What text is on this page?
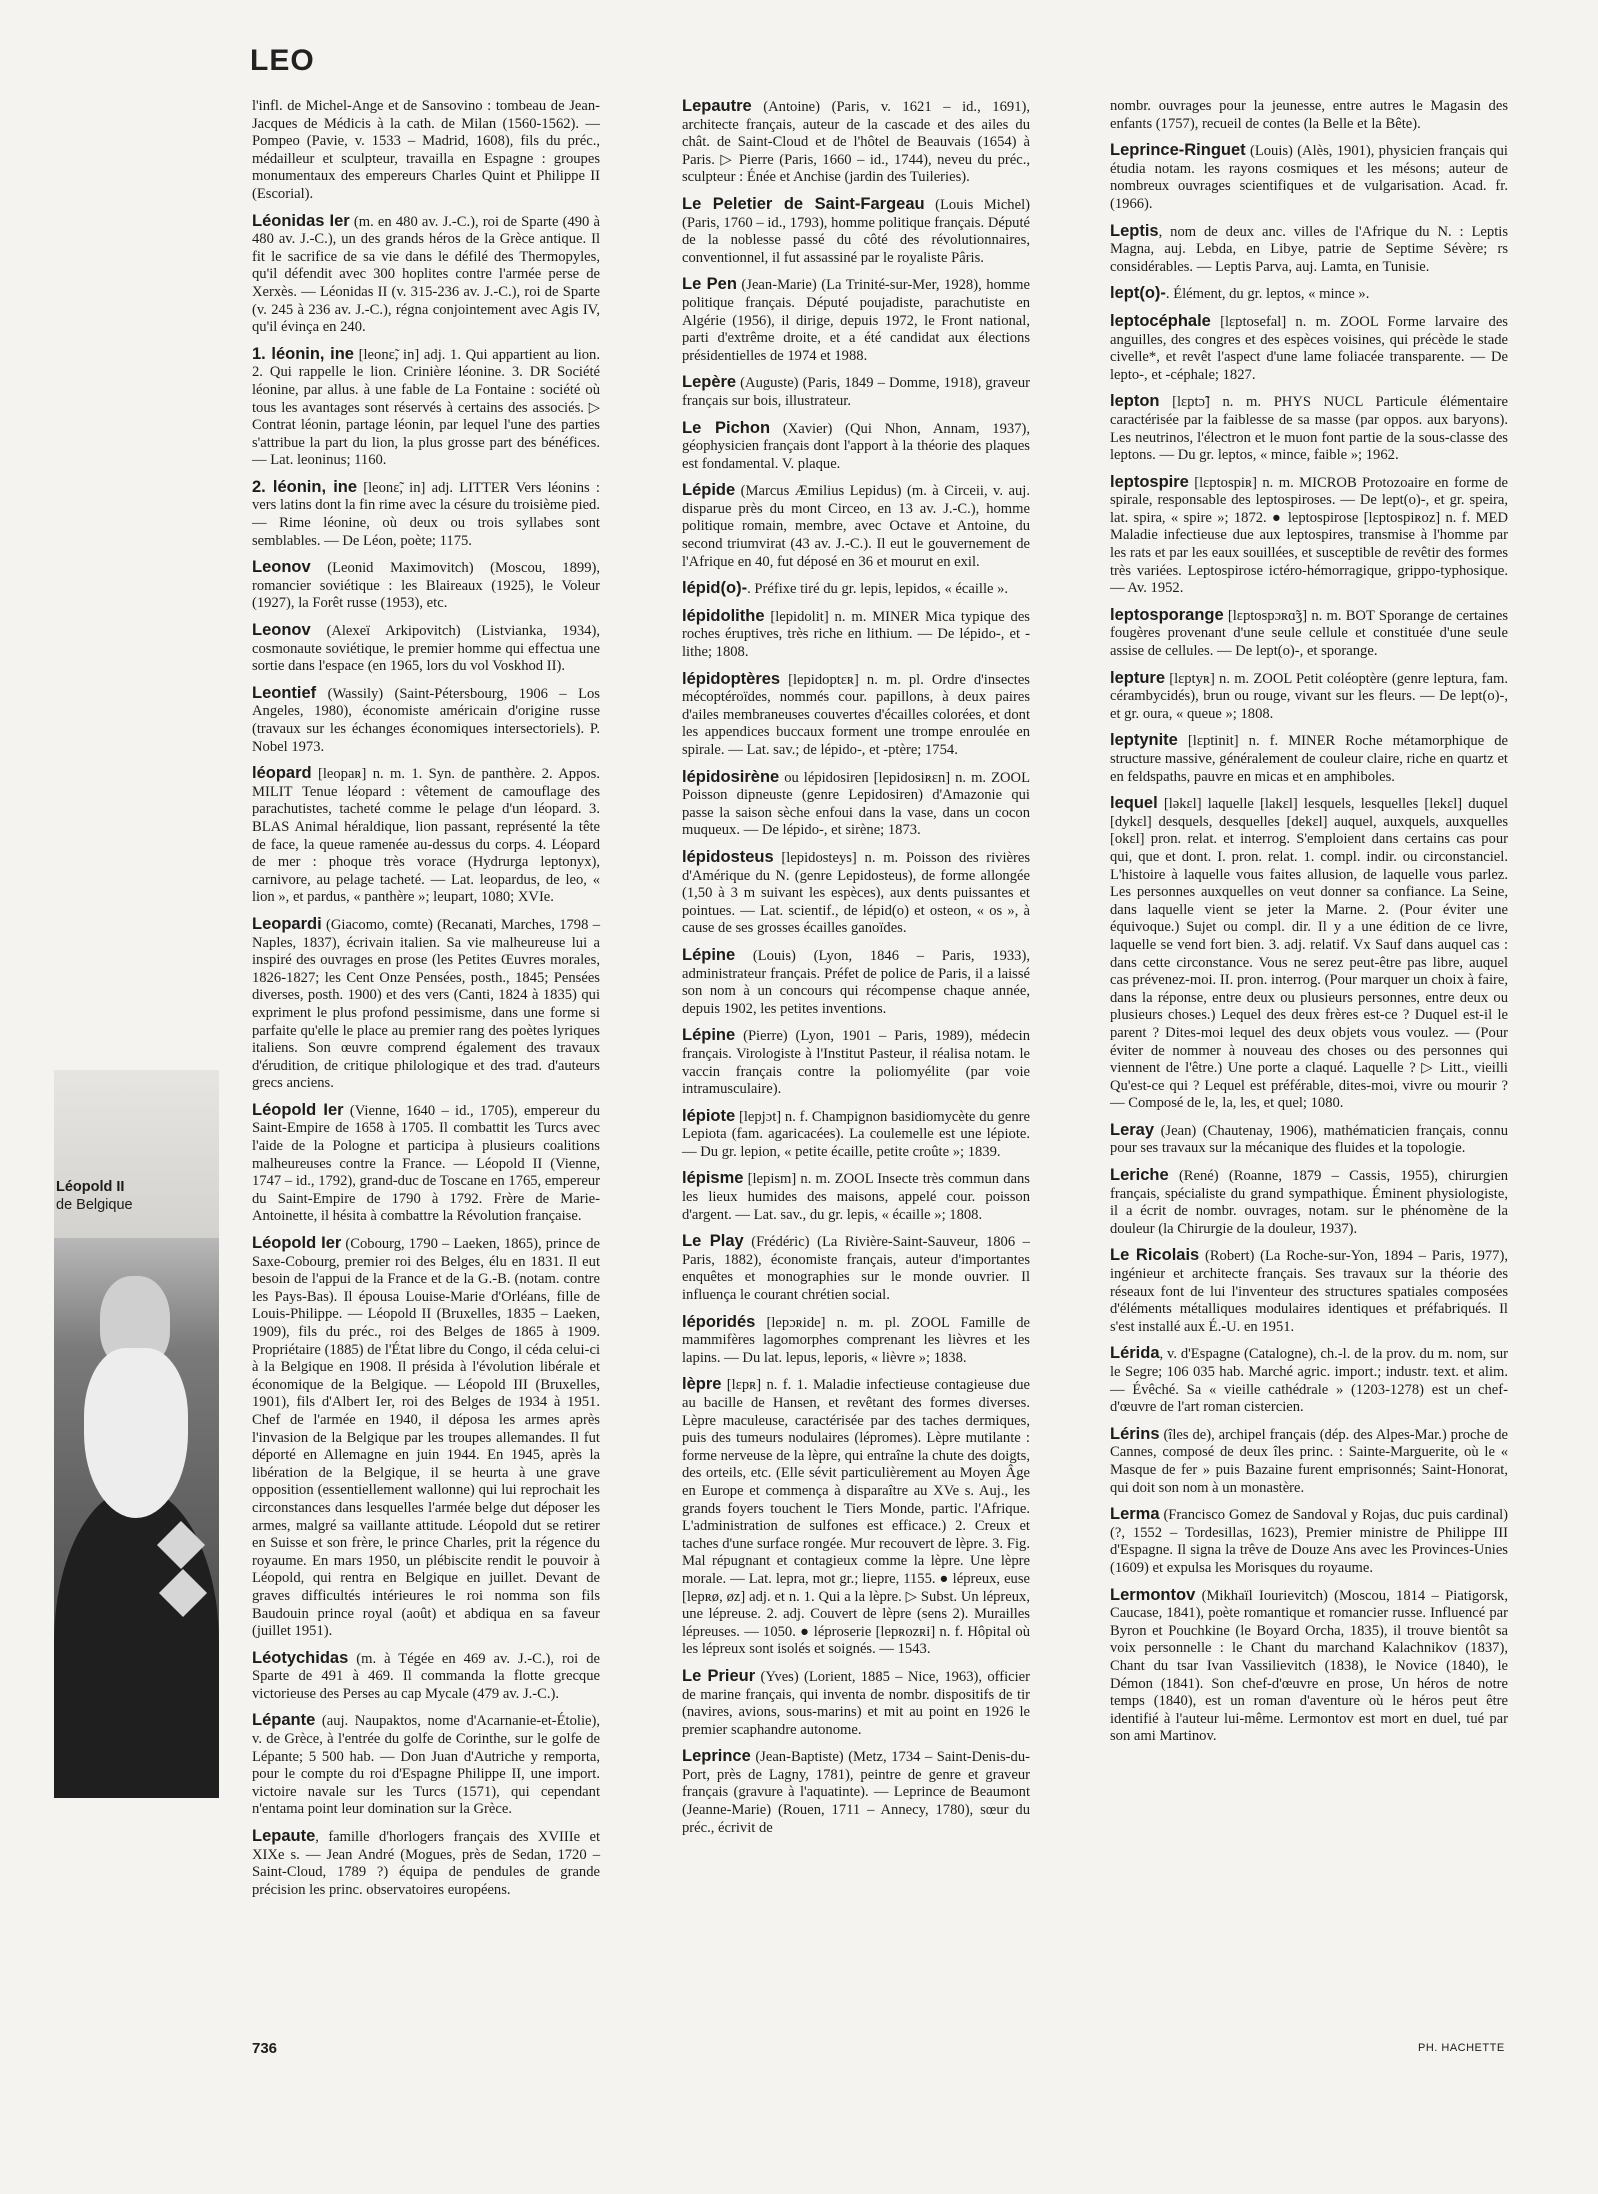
LEO

l'infl. de Michel-Ange et de Sansovino : tombeau de Jean-Jacques de Médicis à la cath. de Milan (1560-1562). — Pompeo (Pavie, v. 1533 – Madrid, 1608), fils du préc., médailleur et sculpteur, travailla en Espagne : groupes monumentaux des empereurs Charles Quint et Philippe II (Escorial).

Léonidas Ier (m. en 480 av. J.-C.), roi de Sparte (490 à 480 av. J.-C.), un des grands héros de la Grèce antique. Il fit le sacrifice de sa vie dans le défilé des Thermopyles, qu'il défendit avec 300 hoplites contre l'armée perse de Xerxès. — Léonidas II (v. 315-236 av. J.-C.), roi de Sparte (v. 245 à 236 av. J.-C.), régna conjointement avec Agis IV, qu'il évinça en 240.

1. léonin, ine [leonɛ̃, in] adj. 1. Qui appartient au lion. 2. Qui rappelle le lion. Crinière léonine. 3. DR Société léonine, par allus. à une fable de La Fontaine : société où tous les avantages sont réservés à certains des associés. ▷ Contrat léonin, partage léonin, par lequel l'une des parties s'attribue la part du lion, la plus grosse part des bénéfices. — Lat. leoninus; 1160.

2. léonin, ine [leonɛ̃, in] adj. LITTER Vers léonins : vers latins dont la fin rime avec la césure du troisième pied. — Rime léonine, où deux ou trois syllabes sont semblables. — De Léon, poète; 1175.

Leonov (Leonid Maximovitch) (Moscou, 1899), romancier soviétique : les Blaireaux (1925), le Voleur (1927), la Forêt russe (1953), etc.

Leonov (Alexeï Arkipovitch) (Listvianka, 1934), cosmonaute soviétique, le premier homme qui effectua une sortie dans l'espace (en 1965, lors du vol Voskhod II).

Leontief (Wassily) (Saint-Pétersbourg, 1906 – Los Angeles, 1980), économiste américain d'origine russe (travaux sur les échanges économiques intersectoriels). P. Nobel 1973.

léopard [leopaʀ] n. m. 1. Syn. de panthère. 2. Appos. MILIT Tenue léopard : vêtement de camouflage des parachutistes, tacheté comme le pelage d'un léopard. 3. BLAS Animal héraldique, lion passant, représenté la tête de face, la queue ramenée au-dessus du corps. 4. Léopard de mer : phoque très vorace (Hydrurga leptonyx), carnivore, au pelage tacheté. — Lat. leopardus, de leo, « lion », et pardus, « panthère »; leupart, 1080; XVIe.

Leopardi (Giacomo, comte) (Recanati, Marches, 1798 – Naples, 1837), écrivain italien. Sa vie malheureuse lui a inspiré des ouvrages en prose (les Petites Œuvres morales, 1826-1827; les Cent Onze Pensées, posth., 1845; Pensées diverses, posth. 1900) et des vers (Canti, 1824 à 1835) qui expriment le plus profond pessimisme, dans une forme si parfaite qu'elle le place au premier rang des poètes lyriques italiens. Son œuvre comprend également des travaux d'érudition, de critique philologique et des trad. d'auteurs grecs anciens.

Léopold Ier (Vienne, 1640 – id., 1705), empereur du Saint-Empire de 1658 à 1705. Il combattit les Turcs avec l'aide de la Pologne et participa à plusieurs coalitions malheureuses contre la France. — Léopold II (Vienne, 1747 – id., 1792), grand-duc de Toscane en 1765, empereur du Saint-Empire de 1790 à 1792. Frère de Marie-Antoinette, il hésita à combattre la Révolution française.

Léopold Ier (Cobourg, 1790 – Laeken, 1865), prince de Saxe-Cobourg, premier roi des Belges, élu en 1831. Il eut besoin de l'appui de la France et de la G.-B. (notam. contre les Pays-Bas). Il épousa Louise-Marie d'Orléans, fille de Louis-Philippe. — Léopold II (Bruxelles, 1835 – Laeken, 1909), fils du préc., roi des Belges de 1865 à 1909. Propriétaire (1885) de l'État libre du Congo, il céda celui-ci à la Belgique en 1908. Il présida à l'évolution libérale et économique de la Belgique. — Léopold III (Bruxelles, 1901), fils d'Albert Ier, roi des Belges de 1934 à 1951. Chef de l'armée en 1940, il déposa les armes après l'invasion de la Belgique par les troupes allemandes. Il fut déporté en Allemagne en juin 1944. En 1945, après la libération de la Belgique, il se heurta à une grave opposition (essentiellement wallonne) qui lui reprochait les circonstances dans lesquelles l'armée belge dut déposer les armes, malgré sa vaillante attitude. Léopold dut se retirer en Suisse et son frère, le prince Charles, prit la régence du royaume. En mars 1950, un plébiscite rendit le pouvoir à Léopold, qui rentra en Belgique en juillet. Devant de graves difficultés intérieures le roi nomma son fils Baudouin prince royal (août) et abdiqua en sa faveur (juillet 1951).

Léotychidas (m. à Tégée en 469 av. J.-C.), roi de Sparte de 491 à 469. Il commanda la flotte grecque victorieuse des Perses au cap Mycale (479 av. J.-C.).

Lépante (auj. Naupaktos, nome d'Acarnanie-et-Étolie), v. de Grèce, à l'entrée du golfe de Corinthe, sur le golfe de Lépante; 5 500 hab. — Don Juan d'Autriche y remporta, pour le compte du roi d'Espagne Philippe II, une import. victoire navale sur les Turcs (1571), qui cependant n'entama point leur domination sur la Grèce.

Lepaute, famille d'horlogers français des XVIIIe et XIXe s. — Jean André (Mogues, près de Sedan, 1720 – Saint-Cloud, 1789 ?) équipa de pendules de grande précision les princ. observatoires européens.

Lepautre (Antoine) (Paris, v. 1621 – id., 1691), architecte français, auteur de la cascade et des ailes du chât. de Saint-Cloud et de l'hôtel de Beauvais (1654) à Paris. ▷ Pierre (Paris, 1660 – id., 1744), neveu du préc., sculpteur : Énée et Anchise (jardin des Tuileries).

Le Peletier de Saint-Fargeau (Louis Michel) (Paris, 1760 – id., 1793), homme politique français. Député de la noblesse passé du côté des révolutionnaires, conventionnel, il fut assassiné par le royaliste Pâris.

Le Pen (Jean-Marie) (La Trinité-sur-Mer, 1928), homme politique français. Député poujadiste, parachutiste en Algérie (1956), il dirige, depuis 1972, le Front national, parti d'extrême droite, et a été candidat aux élections présidentielles de 1974 et 1988.

Lepère (Auguste) (Paris, 1849 – Domme, 1918), graveur français sur bois, illustrateur.

Le Pichon (Xavier) (Qui Nhon, Annam, 1937), géophysicien français dont l'apport à la théorie des plaques est fondamental. V. plaque.

Lépide (Marcus Æmilius Lepidus) (m. à Circeii, v. auj. disparue près du mont Circeo, en 13 av. J.-C.), homme politique romain, membre, avec Octave et Antoine, du second triumvirat (43 av. J.-C.). Il eut le gouvernement de l'Afrique en 40, fut déposé en 36 et mourut en exil.

lépid(o)-. Préfixe tiré du gr. lepis, lepidos, « écaille ».

lépidolithe [lepidolit] n. m. MINER Mica typique des roches éruptives, très riche en lithium. — De lépido-, et -lithe; 1808.

lépidoptères [lepidoptɛʀ] n. m. pl. Ordre d'insectes mécoptéroïdes, nommés cour. papillons, à deux paires d'ailes membraneuses couvertes d'écailles colorées, et dont les appendices buccaux forment une trompe enroulée en spirale. — Lat. sav.; de lépido-, et -ptère; 1754.

lépidosirène ou lépidosiren [lepidosiʀɛn] n. m. ZOOL Poisson dipneuste (genre Lepidosiren) d'Amazonie qui passe la saison sèche enfoui dans la vase, dans un cocon muqueux. — De lépido-, et sirène; 1873.

lépidosteus [lepidosteys] n. m. Poisson des rivières d'Amérique du N. (genre Lepidosteus), de forme allongée (1,50 à 3 m suivant les espèces), aux dents puissantes et pointues. — Lat. scientif., de lépid(o) et osteon, « os », à cause de ses grosses écailles ganoïdes.

Lépine (Louis) (Lyon, 1846 – Paris, 1933), administrateur français. Préfet de police de Paris, il a laissé son nom à un concours qui récompense chaque année, depuis 1902, les petites inventions.

Lépine (Pierre) (Lyon, 1901 – Paris, 1989), médecin français. Virologiste à l'Institut Pasteur, il réalisa notam. le vaccin français contre la poliomyélite (par voie intramusculaire).

lépiote [lepjɔt] n. f. Champignon basidiomycète du genre Lepiota (fam. agaricacées). La coulemelle est une lépiote. — Du gr. lepion, « petite écaille, petite croûte »; 1839.

lépisme [lepism] n. m. ZOOL Insecte très commun dans les lieux humides des maisons, appelé cour. poisson d'argent. — Lat. sav., du gr. lepis, « écaille »; 1808.

Le Play (Frédéric) (La Rivière-Saint-Sauveur, 1806 – Paris, 1882), économiste français, auteur d'importantes enquêtes et monographies sur le monde ouvrier. Il influença le courant chrétien social.

léporidés [lepɔʀide] n. m. pl. ZOOL Famille de mammifères lagomorphes comprenant les lièvres et les lapins. — Du lat. lepus, leporis, « lièvre »; 1838.

lèpre [lɛpʀ] n. f. 1. Maladie infectieuse contagieuse due au bacille de Hansen, et revêtant des formes diverses. Lèpre maculeuse, caractérisée par des taches dermiques, puis des tumeurs nodulaires (lépromes). Lèpre mutilante : forme nerveuse de la lèpre, qui entraîne la chute des doigts, des orteils, etc. (Elle sévit particulièrement au Moyen Âge en Europe et commença à disparaître au XVe s. Auj., les grands foyers touchent le Tiers Monde, partic. l'Afrique. L'administration de sulfones est efficace.) 2. Creux et taches d'une surface rongée. Mur recouvert de lèpre. 3. Fig. Mal répugnant et contagieux comme la lèpre. Une lèpre morale. — Lat. lepra, mot gr.; liepre, 1155. ● lépreux, euse [lepʀø, øz] adj. et n. 1. Qui a la lèpre. ▷ Subst. Un lépreux, une lépreuse. 2. adj. Couvert de lèpre (sens 2). Murailles lépreuses. — 1050. ● léproserie [lepʀozʀi] n. f. Hôpital où les lépreux sont isolés et soignés. — 1543.

Le Prieur (Yves) (Lorient, 1885 – Nice, 1963), officier de marine français, qui inventa de nombr. dispositifs de tir (navires, avions, sous-marins) et mit au point en 1926 le premier scaphandre autonome.

Leprince (Jean-Baptiste) (Metz, 1734 – Saint-Denis-du-Port, près de Lagny, 1781), peintre de genre et graveur français (gravure à l'aquatinte). — Leprince de Beaumont (Jeanne-Marie) (Rouen, 1711 – Annecy, 1780), sœur du préc., écrivit de

nombr. ouvrages pour la jeunesse, entre autres le Magasin des enfants (1757), recueil de contes (la Belle et la Bête).

Leprince-Ringuet (Louis) (Alès, 1901), physicien français qui étudia notam. les rayons cosmiques et les mésons; auteur de nombreux ouvrages scientifiques et de vulgarisation. Acad. fr. (1966).

Leptis, nom de deux anc. villes de l'Afrique du N. : Leptis Magna, auj. Lebda, en Libye, patrie de Septime Sévère; rs considérables. — Leptis Parva, auj. Lamta, en Tunisie.

lept(o)-. Élément, du gr. leptos, « mince ».

leptocéphale [lɛptosefal] n. m. ZOOL Forme larvaire des anguilles, des congres et des espèces voisines, qui précède le stade civelle*, et revêt l'aspect d'une lame foliacée transparente. — De lepto-, et -céphale; 1827.

lepton [lɛptɔ̃] n. m. PHYS NUCL Particule élémentaire caractérisée par la faiblesse de sa masse (par oppos. aux baryons). Les neutrinos, l'électron et le muon font partie de la sous-classe des leptons. — Du gr. leptos, « mince, faible »; 1962.

leptospire [lɛptospiʀ] n. m. MICROB Protozoaire en forme de spirale, responsable des leptospiroses. — De lept(o)-, et gr. speira, lat. spira, « spire »; 1872. ● leptospirose [lɛptospiʀoz] n. f. MED Maladie infectieuse due aux leptospires, transmise à l'homme par les rats et par les eaux souillées, et susceptible de revêtir des formes très variées. Leptospirose ictéro-hémorragique, grippo-typhosique. — Av. 1952.

leptosporange [lɛptospɔʀɑ̃ʒ] n. m. BOT Sporange de certaines fougères provenant d'une seule cellule et constituée d'une seule assise de cellules. — De lept(o)-, et sporange.

lepture [lɛptyʀ] n. m. ZOOL Petit coléoptère (genre leptura, fam. cérambycidés), brun ou rouge, vivant sur les fleurs. — De lept(o)-, et gr. oura, « queue »; 1808.

leptynite [lɛptinit] n. f. MINER Roche métamorphique de structure massive, généralement de couleur claire, riche en quartz et en feldspaths, pauvre en micas et en amphiboles.

lequel [ləkɛl] laquelle [lakɛl] lesquels, lesquelles [lekɛl] duquel [dykɛl] desquels, desquelles [dekɛl] auquel, auxquels, auxquelles [okɛl] pron. relat. et interrog. S'emploient dans certains cas pour qui, que et dont. I. pron. relat. 1. compl. indir. ou circonstanciel. L'histoire à laquelle vous faites allusion, de laquelle vous parlez. Les personnes auxquelles on veut donner sa confiance. La Seine, dans laquelle vient se jeter la Marne. 2. (Pour éviter une équivoque.) Sujet ou compl. dir. Il y a une édition de ce livre, laquelle se vend fort bien. 3. adj. relatif. Vx Sauf dans auquel cas : dans cette circonstance. Vous ne serez peut-être pas libre, auquel cas prévenez-moi. II. pron. interrog. (Pour marquer un choix à faire, dans la réponse, entre deux ou plusieurs personnes, entre deux ou plusieurs choses.) Lequel des deux frères est-ce ? Duquel est-il le parent ? Dites-moi lequel des deux objets vous voulez. — (Pour éviter de nommer à nouveau des choses ou des personnes qui viennent de l'être.) Une porte a claqué. Laquelle ? ▷ Litt., vieilli Qu'est-ce qui ? Lequel est préférable, dites-moi, vivre ou mourir ? — Composé de le, la, les, et quel; 1080.

Leray (Jean) (Chautenay, 1906), mathématicien français, connu pour ses travaux sur la mécanique des fluides et la topologie.

Leriche (René) (Roanne, 1879 – Cassis, 1955), chirurgien français, spécialiste du grand sympathique. Éminent physiologiste, il a écrit de nombr. ouvrages, notam. sur le phénomène de la douleur (la Chirurgie de la douleur, 1937).

Le Ricolais (Robert) (La Roche-sur-Yon, 1894 – Paris, 1977), ingénieur et architecte français. Ses travaux sur la théorie des réseaux font de lui l'inventeur des structures spatiales composées d'éléments métalliques modulaires identiques et préfabriqués. Il s'est installé aux É.-U. en 1951.

Lérida, v. d'Espagne (Catalogne), ch.-l. de la prov. du m. nom, sur le Segre; 106 035 hab. Marché agric. import.; industr. text. et alim. — Évêché. Sa « vieille cathédrale » (1203-1278) est un chef-d'œuvre de l'art roman cistercien.

Lérins (îles de), archipel français (dép. des Alpes-Mar.) proche de Cannes, composé de deux îles princ. : Sainte-Marguerite, où le « Masque de fer » puis Bazaine furent emprisonnés; Saint-Honorat, qui doit son nom à un monastère.

Lerma (Francisco Gomez de Sandoval y Rojas, duc puis cardinal) (?, 1552 – Tordesillas, 1623), Premier ministre de Philippe III d'Espagne. Il signa la trêve de Douze Ans avec les Provinces-Unies (1609) et expulsa les Morisques du royaume.

Lermontov (Mikhaïl Iourievitch) (Moscou, 1814 – Piatigorsk, Caucase, 1841), poète romantique et romancier russe. Influencé par Byron et Pouchkine (le Boyard Orcha, 1835), il trouve bientôt sa voix personnelle : le Chant du marchand Kalachnikov (1837), Chant du tsar Ivan Vassilievitch (1838), le Novice (1840), le Démon (1841). Son chef-d'œuvre en prose, Un héros de notre temps (1840), est un roman d'aventure où le héros peut être identifié à l'auteur lui-même. Lermontov est mort en duel, tué par son ami Martinov.

Léopold II
de Belgique
736	PH. HACHETTE
